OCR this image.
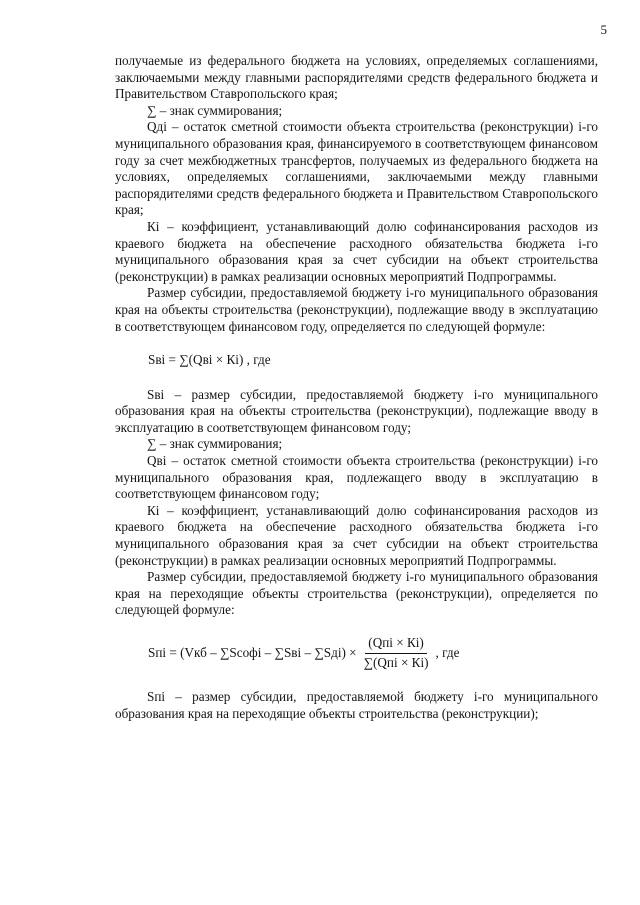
5

получаемые из федерального бюджета на условиях, определяемых соглашениями, заключаемыми между главными распорядителями средств федерального бюджета и Правительством Ставропольского края;

∑ – знак суммирования;

Qдi – остаток сметной стоимости объекта строительства (реконструкции) i-го муниципального образования края, финансируемого в соответствующем финансовом году за счет межбюджетных трансфертов, получаемых из федерального бюджета на условиях, определяемых соглашениями, заключаемыми между главными распорядителями средств федерального бюджета и Правительством Ставропольского края;

Кi – коэффициент, устанавливающий долю софинансирования расходов из краевого бюджета на обеспечение расходного обязательства бюджета i-го муниципального образования края за счет субсидии на объект строительства (реконструкции) в рамках реализации основных мероприятий Подпрограммы.

Размер субсидии, предоставляемой бюджету i-го муниципального образования края на объекты строительства (реконструкции), подлежащие вводу в эксплуатацию в соответствующем финансовом году, определяется по следующей формуле:

Sвi = ∑(Qвi × Кi) , где

Sвi – размер субсидии, предоставляемой бюджету i-го муниципального образования края на объекты строительства (реконструкции), подлежащие вводу в эксплуатацию в соответствующем финансовом году;

∑ – знак суммирования;

Qвi – остаток сметной стоимости объекта строительства (реконструкции) i-го муниципального образования края, подлежащего вводу в эксплуатацию в соответствующем финансовом году;

Кi – коэффициент, устанавливающий долю софинансирования расходов из краевого бюджета на обеспечение расходного обязательства бюджета i-го муниципального образования края за счет субсидии на объект строительства (реконструкции) в рамках реализации основных мероприятий Подпрограммы.

Размер субсидии, предоставляемой бюджету i-го муниципального образования края на переходящие объекты строительства (реконструкции), определяется по следующей формуле:

Sпi = (Vкб – ∑Sсофi – $\sum Sвi - \sum Sдi) \times \frac{\text{(Qпi × Кi)}}{\text{∑(Qпi × Кi)}}$ , где

Sпi – размер субсидии, предоставляемой бюджету i-го муниципального образования края на переходящие объекты строительства (реконструкции);
